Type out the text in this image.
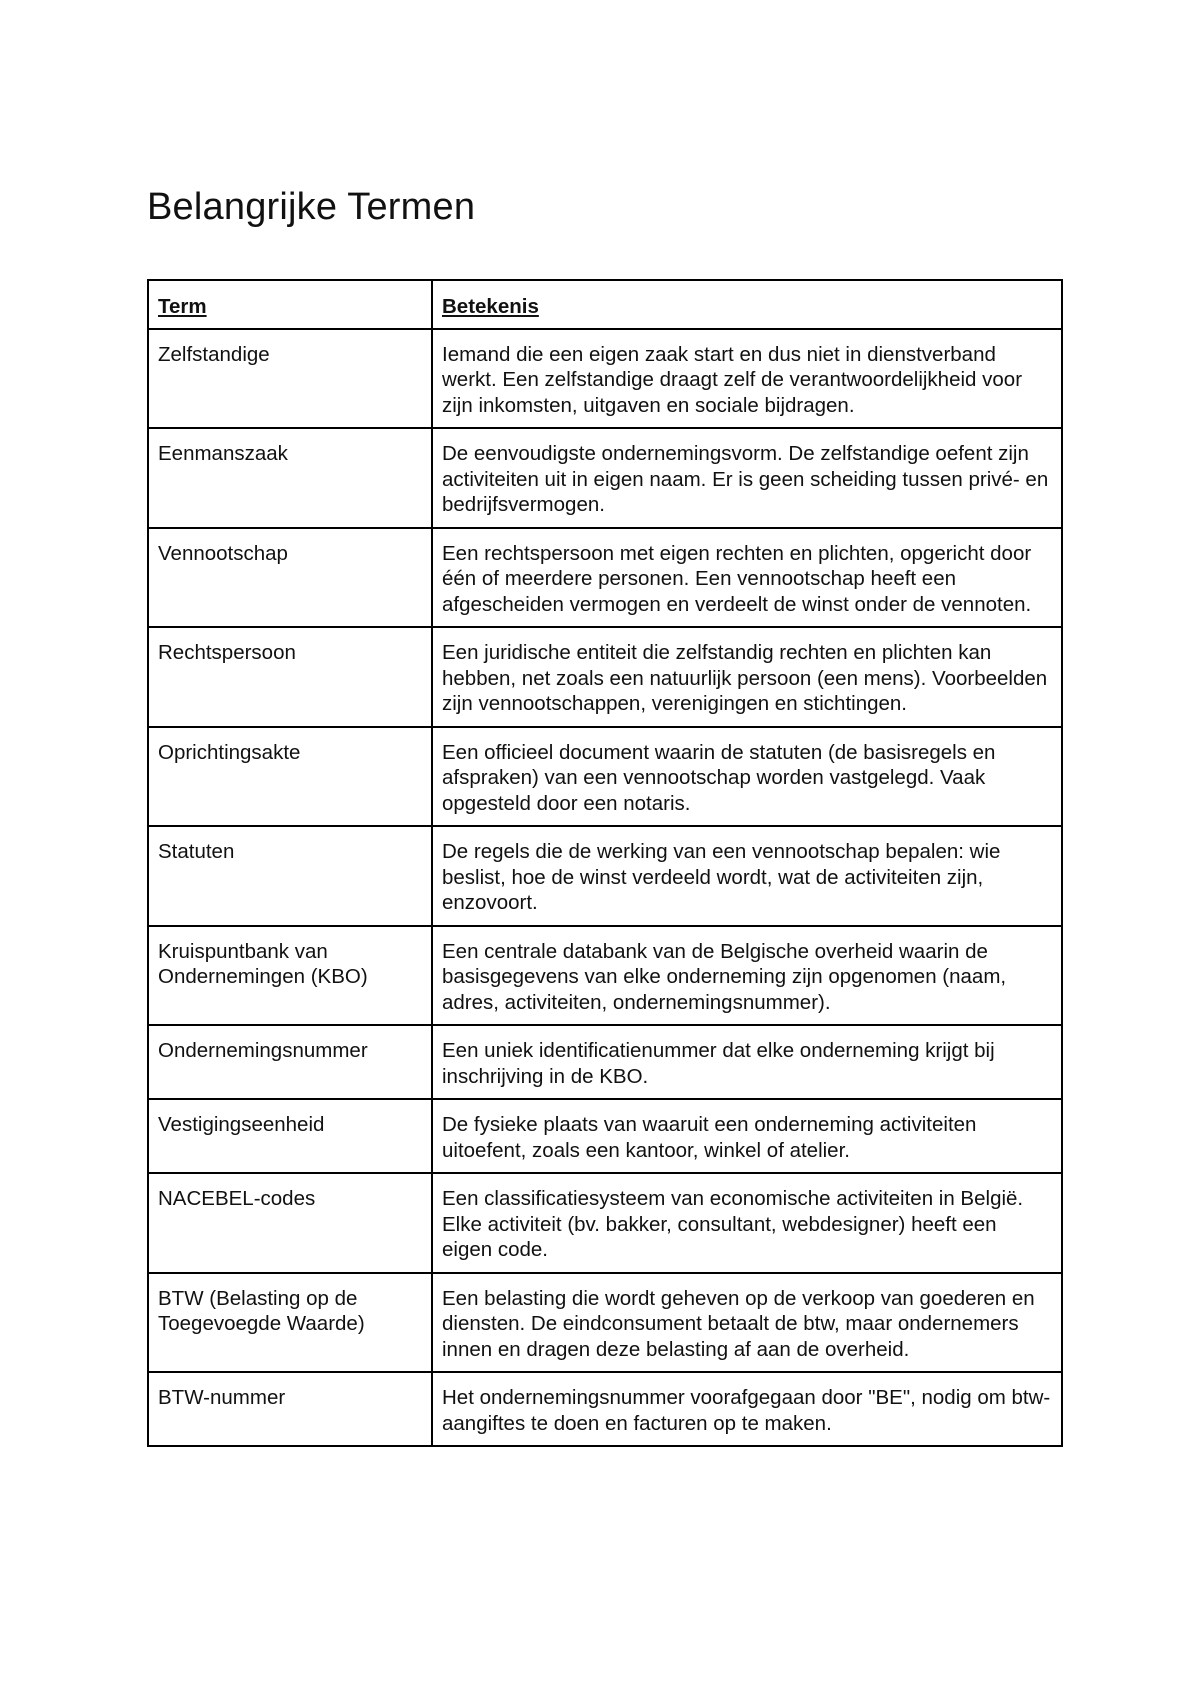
Belangrijke Termen
Term	Betekenis
Zelfstandige	Iemand die een eigen zaak start en dus niet in dienstverband werkt. Een zelfstandige draagt zelf de verantwoordelijkheid voor zijn inkomsten, uitgaven en sociale bijdragen.
Eenmanszaak	De eenvoudigste ondernemingsvorm. De zelfstandige oefent zijn activiteiten uit in eigen naam. Er is geen scheiding tussen privé- en bedrijfsvermogen.
Vennootschap	Een rechtspersoon met eigen rechten en plichten, opgericht door één of meerdere personen. Een vennootschap heeft een afgescheiden vermogen en verdeelt de winst onder de vennoten.
Rechtspersoon	Een juridische entiteit die zelfstandig rechten en plichten kan hebben, net zoals een natuurlijk persoon (een mens). Voorbeelden zijn vennootschappen, verenigingen en stichtingen.
Oprichtingsakte	Een officieel document waarin de statuten (de basisregels en afspraken) van een vennootschap worden vastgelegd. Vaak opgesteld door een notaris.
Statuten	De regels die de werking van een vennootschap bepalen: wie beslist, hoe de winst verdeeld wordt, wat de activiteiten zijn, enzovoort.
Kruispuntbank van Ondernemingen (KBO)	Een centrale databank van de Belgische overheid waarin de basisgegevens van elke onderneming zijn opgenomen (naam, adres, activiteiten, ondernemingsnummer).
Ondernemingsnummer	Een uniek identificatienummer dat elke onderneming krijgt bij inschrijving in de KBO.
Vestigingseenheid	De fysieke plaats van waaruit een onderneming activiteiten uitoefent, zoals een kantoor, winkel of atelier.
NACEBEL-codes	Een classificatiesysteem van economische activiteiten in België. Elke activiteit (bv. bakker, consultant, webdesigner) heeft een eigen code.
BTW (Belasting op de Toegevoegde Waarde)	Een belasting die wordt geheven op de verkoop van goederen en diensten. De eindconsument betaalt de btw, maar ondernemers innen en dragen deze belasting af aan de overheid.
BTW-nummer	Het ondernemingsnummer voorafgegaan door "BE", nodig om btw-aangiftes te doen en facturen op te maken.
